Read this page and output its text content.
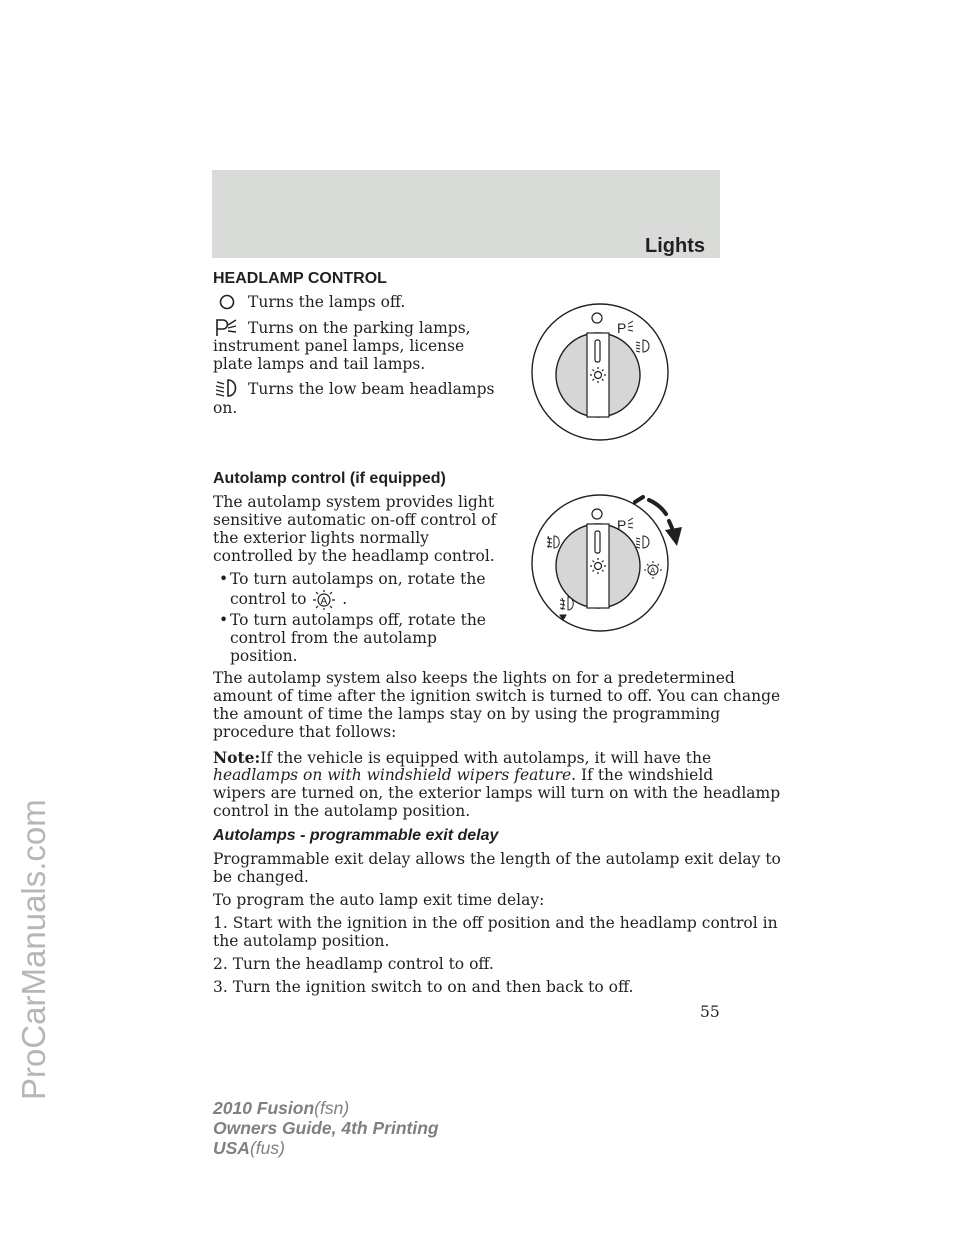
ProCarManuals.com
Lights
HEADLAMP CONTROL

Turns the lamps off.

Turns on the parking lamps,

instrument panel lamps, license

plate lamps and tail lamps.

Turns the low beam headlamps

on.

P
Autolamp control (if equipped)

The autolamp system provides light

sensitive automatic on-off control of

the exterior lights normally

controlled by the headlamp control.

• To turn autolamps on, rotate the

control to A .

• To turn autolamps off, rotate the

control from the autolamp

position.

P
A

The autolamp system also keeps the lights on for a predetermined

amount of time after the ignition switch is turned to off. You can change

the amount of time the lamps stay on by using the programming

procedure that follows:

Note:If the vehicle is equipped with autolamps, it will have the

headlamps on with windshield wipers feature. If the windshield

wipers are turned on, the exterior lamps will turn on with the headlamp

control in the autolamp position.

Autolamps - programmable exit delay

Programmable exit delay allows the length of the autolamp exit delay to

be changed.

To program the auto lamp exit time delay:

1. Start with the ignition in the off position and the headlamp control in

the autolamp position.

2. Turn the headlamp control to off.

3. Turn the ignition switch to on and then back to off.

55

2010 Fusion(fsn)
Owners Guide, 4th Printing
USA(fus)
